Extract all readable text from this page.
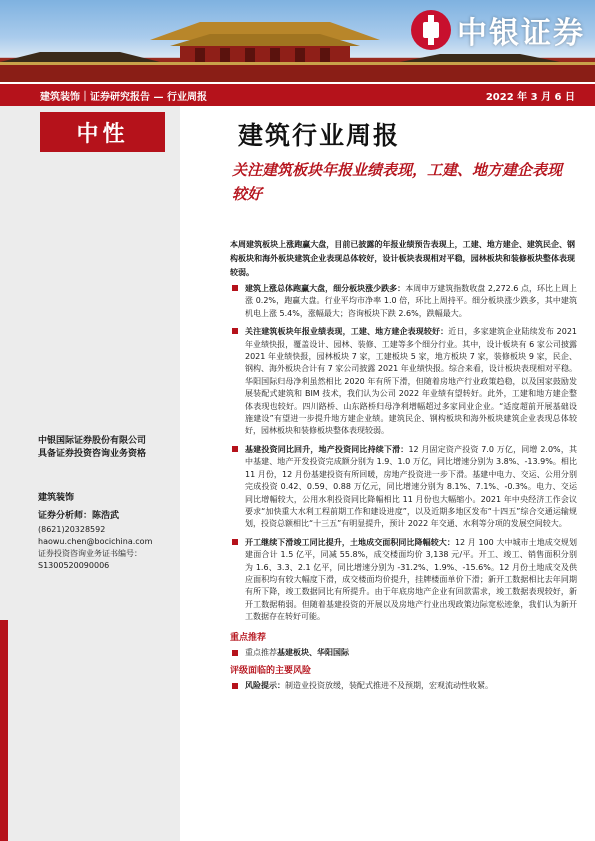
中银证券
建筑装饰｜证券研究报告 — 行业周报	2022 年 3 月 6 日
中性
中银国际证券股份有限公司
具备证券投资咨询业务资格
建筑装饰
证券分析师：陈浩武
(8621)20328592
haowu.chen@bocichina.com
证券投资咨询业务证书编号：S1300520090006
建筑行业周报
关注建筑板块年报业绩表现，工建、地方建企表现较好
本周建筑板块上涨跑赢大盘，目前已披露的年报业绩预告表现上，工建、地方建企、建筑民企、钢构板块和海外板块建筑企业表现总体较好，设计板块表现相对平稳，园林板块和装修板块整体表现较弱。
建筑上涨总体跑赢大盘，细分板块涨少跌多：本周申万建筑指数收盘 2,272.6 点，环比上周上涨 0.2%，跑赢大盘。行业平均市净率 1.0 倍，环比上周持平。细分板块涨少跌多，其中建筑机电上涨 5.4%，涨幅最大；咨询板块下跌 2.6%，跌幅最大。
关注建筑板块年报业绩表现，工建、地方建企表现较好：近日，多家建筑企业陆续发布 2021 年业绩快报，覆盖设计、园林、装修、工建等多个细分行业。其中，设计板块有 6 家公司披露 2021 年业绩快报，园林板块 7 家，工建板块 5 家，地方板块 7 家，装修板块 9 家，民企、钢构、海外板块合计有 7 家公司披露 2021 年业绩快报。综合来看，设计板块表现相对平稳。华阳国际归母净利虽然相比 2020 年有所下滑，但随着房地产行业政策趋稳，以及国家鼓励发展装配式建筑和 BIM 技术，我们认为公司 2022 年业绩有望转好。此外，工建和地方建企整体表现也较好。四川路桥、山东路桥归母净利增幅超过多家同业企业。“适度超前开展基础设施建设”有望进一步提升地方建企业绩。建筑民企、钢构板块和海外板块建筑企业表现总体较好，园林板块和装修板块整体表现较弱。
基建投资同比回升，地产投资同比持续下滑：12 月固定资产投资 7.0 万亿，同增 2.0%，其中基建、地产开发投资完成额分别为 1.9、1.0 万亿，同比增速分别为 3.8%、-13.9%。相比 11 月份，12 月份基建投资有所回暖，房地产投资进一步下滑。基建中电力、交运、公用分别完成投资 0.42、0.59、0.88 万亿元，同比增速分别为 8.1%、7.1%、-0.3%。电力、交运同比增幅较大，公用水利投资同比降幅相比 11 月份也大幅缩小。2021 年中央经济工作会议要求“加快重大水利工程前期工作和建设进度”，以及近期多地区发布“十四五”综合交通运输规划，投资总额相比“十三五”有明显提升，预计 2022 年交通、水利等分项的发展空间较大。
开工继续下滑竣工同比提升，土地成交面积同比降幅较大：12 月 100 大中城市土地成交规划建面合计 1.5 亿平，同减 55.8%，成交楼面均价 3,138 元/平。开工、竣工、销售面积分别为 1.6、3.3、2.1 亿平，同比增速分别为 -31.2%、1.9%、-15.6%。12 月份土地成交及供应面积均有较大幅度下滑，成交楼面均价提升，挂牌楼面单价下滑；新开工数据相比去年同期有所下降，竣工数据同比有所提升。由于年底房地产企业有回款需求，竣工数据表现较好，新开工数据稍弱。但随着基建投资的开展以及房地产行业出现政策边际宽松迹象，我们认为新开工数据存在转好可能。
重点推荐
重点推荐基建板块、华阳国际
评级面临的主要风险
风险提示：制造业投资放缓，装配式推进不及预期，宏观流动性收紧。
